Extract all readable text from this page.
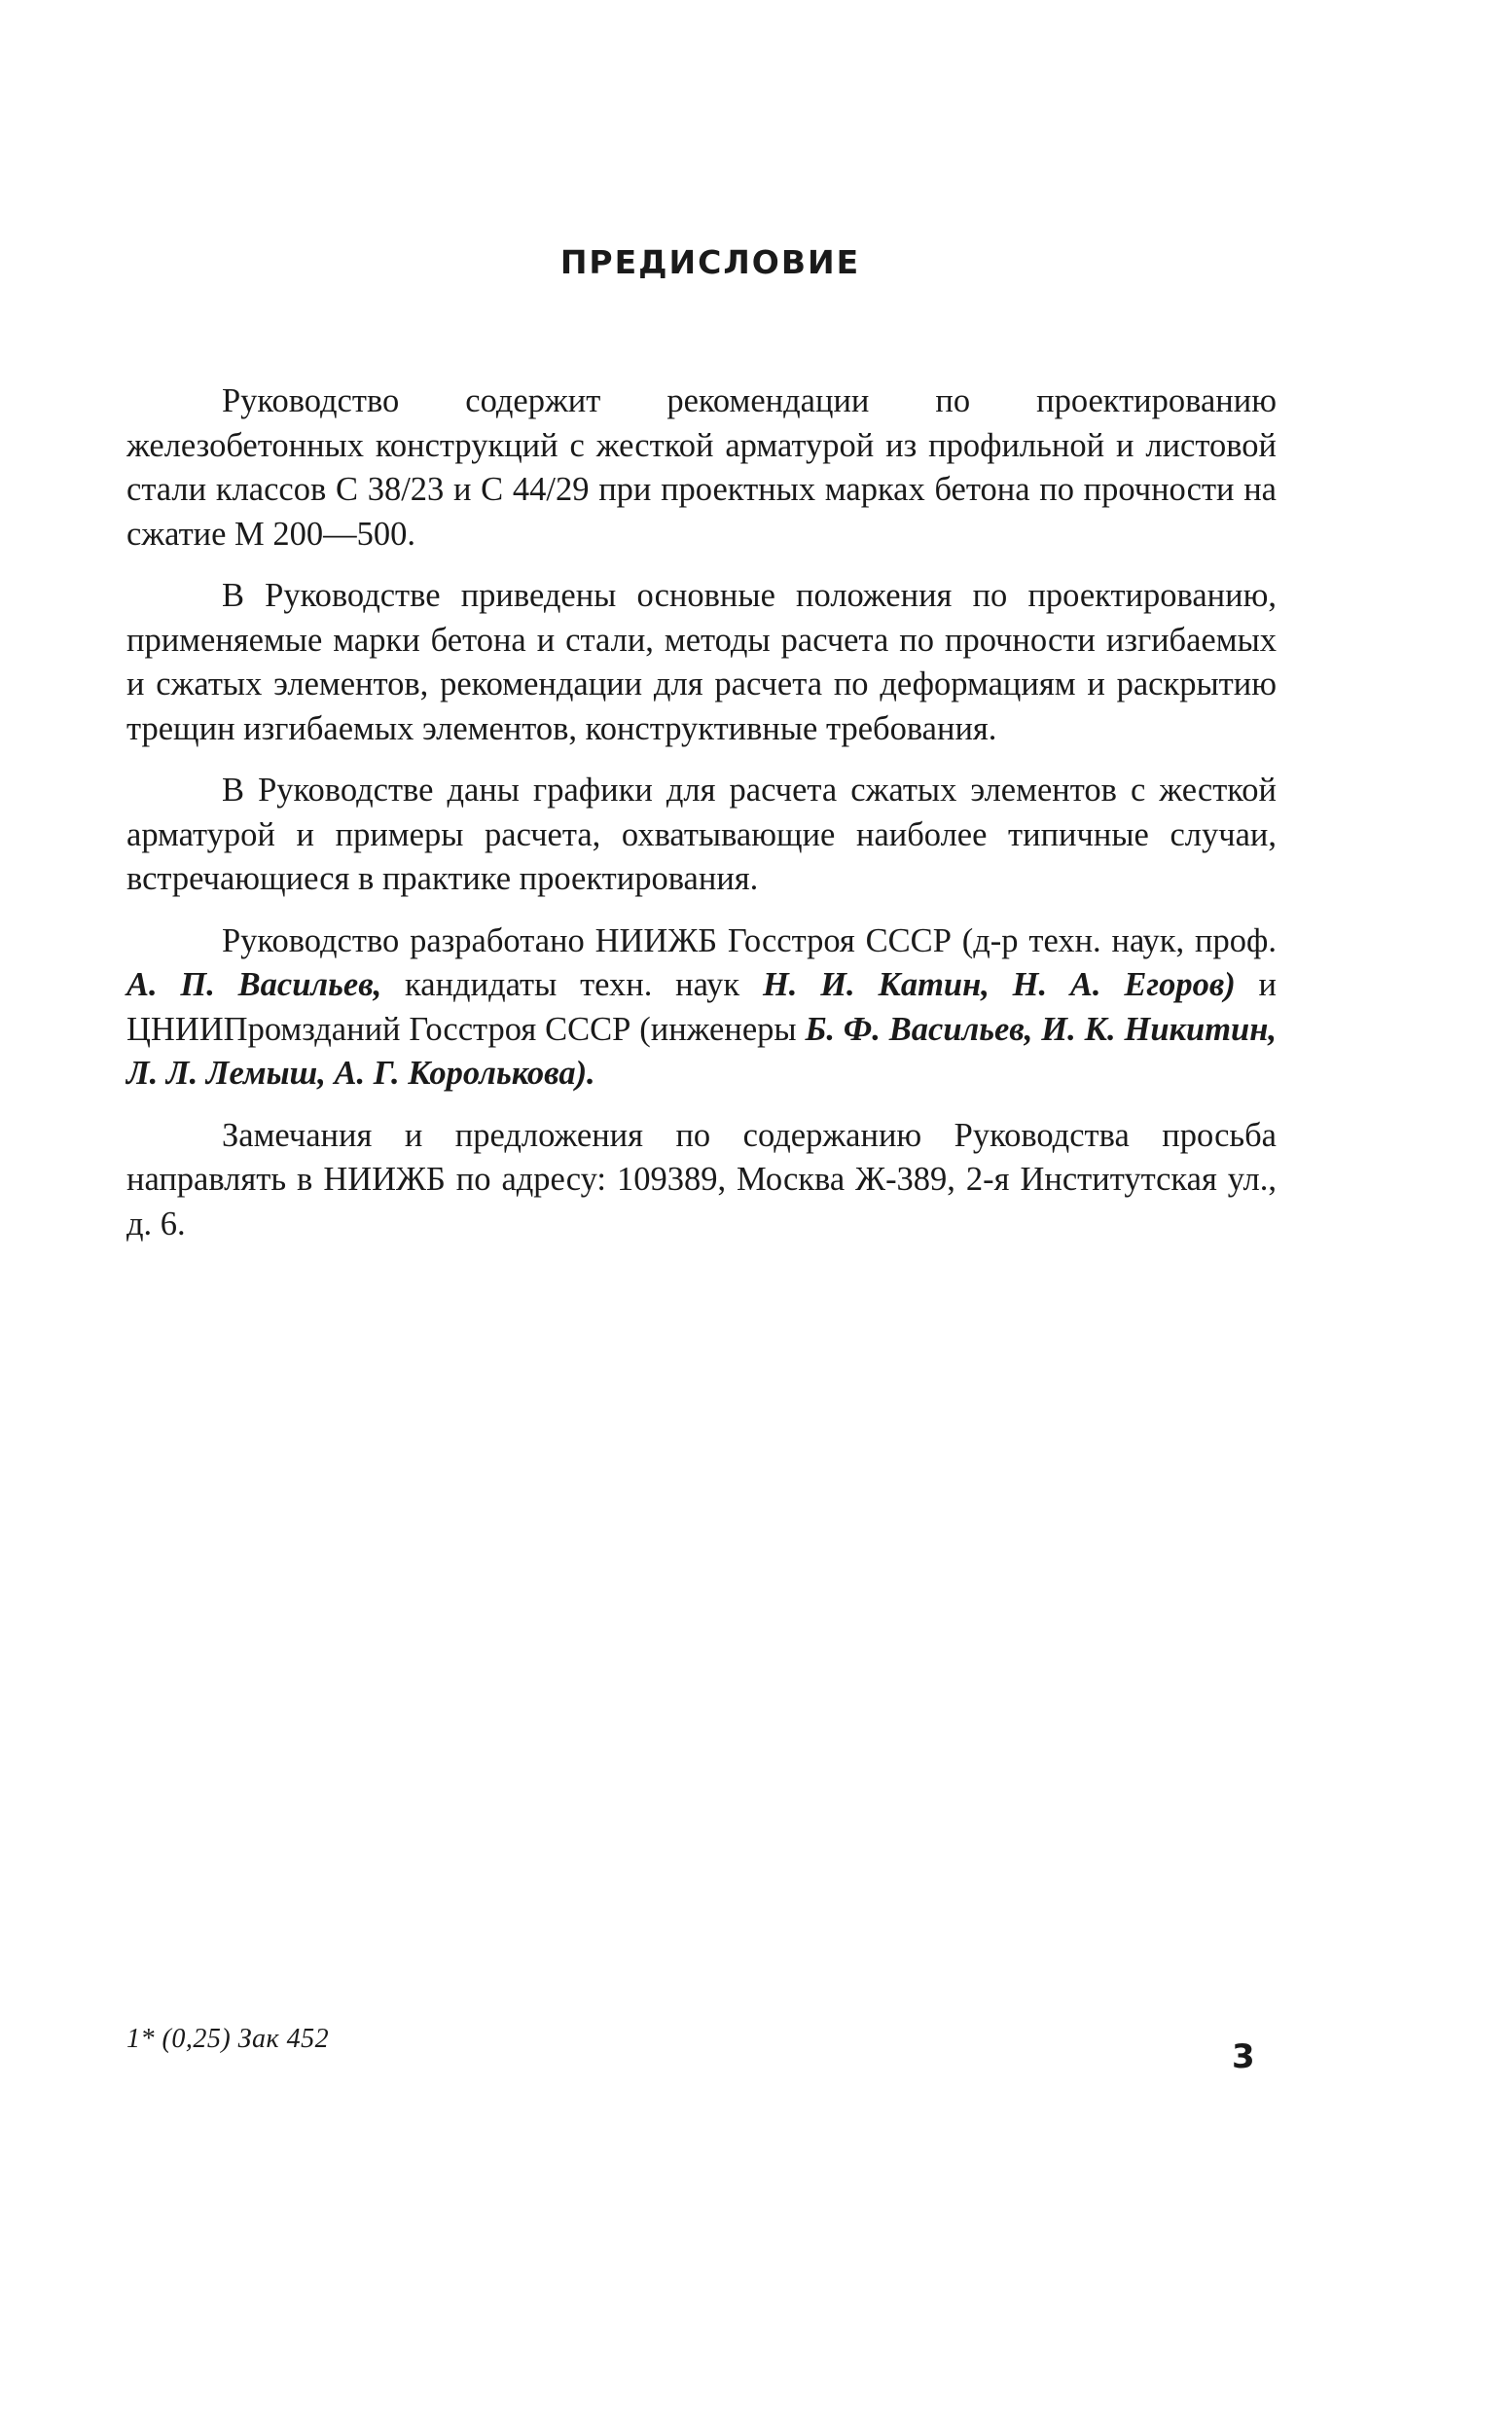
ПРЕДИСЛОВИЕ

Руководство содержит рекомендации по проектированию железобетонных конструкций с жесткой арматурой из профильной и листовой стали классов С 38/23 и С 44/29 при проектных марках бетона по прочности на сжатие М 200—500.

В Руководстве приведены основные положения по проектированию, применяемые марки бетона и стали, методы расчета по прочности изгибаемых и сжатых элементов, рекомендации для расчета по деформациям и раскрытию трещин изгибаемых элементов, конструктивные требования.

В Руководстве даны графики для расчета сжатых элементов с жесткой арматурой и примеры расчета, охватывающие наиболее типичные случаи, встречающиеся в практике проектирования.

Руководство разработано НИИЖБ Госстроя СССР (д-р техн. наук, проф. А. П. Васильев, кандидаты техн. наук Н. И. Катин, Н. А. Егоров) и ЦНИИПромзданий Госстроя СССР (инженеры Б. Ф. Васильев, И. К. Никитин, Л. Л. Лемыш, А. Г. Королькова).

Замечания и предложения по содержанию Руководства просьба направлять в НИИЖБ по адресу: 109389, Москва Ж-389, 2-я Институтская ул., д. 6.

1* (0,25) Зак 452	3
